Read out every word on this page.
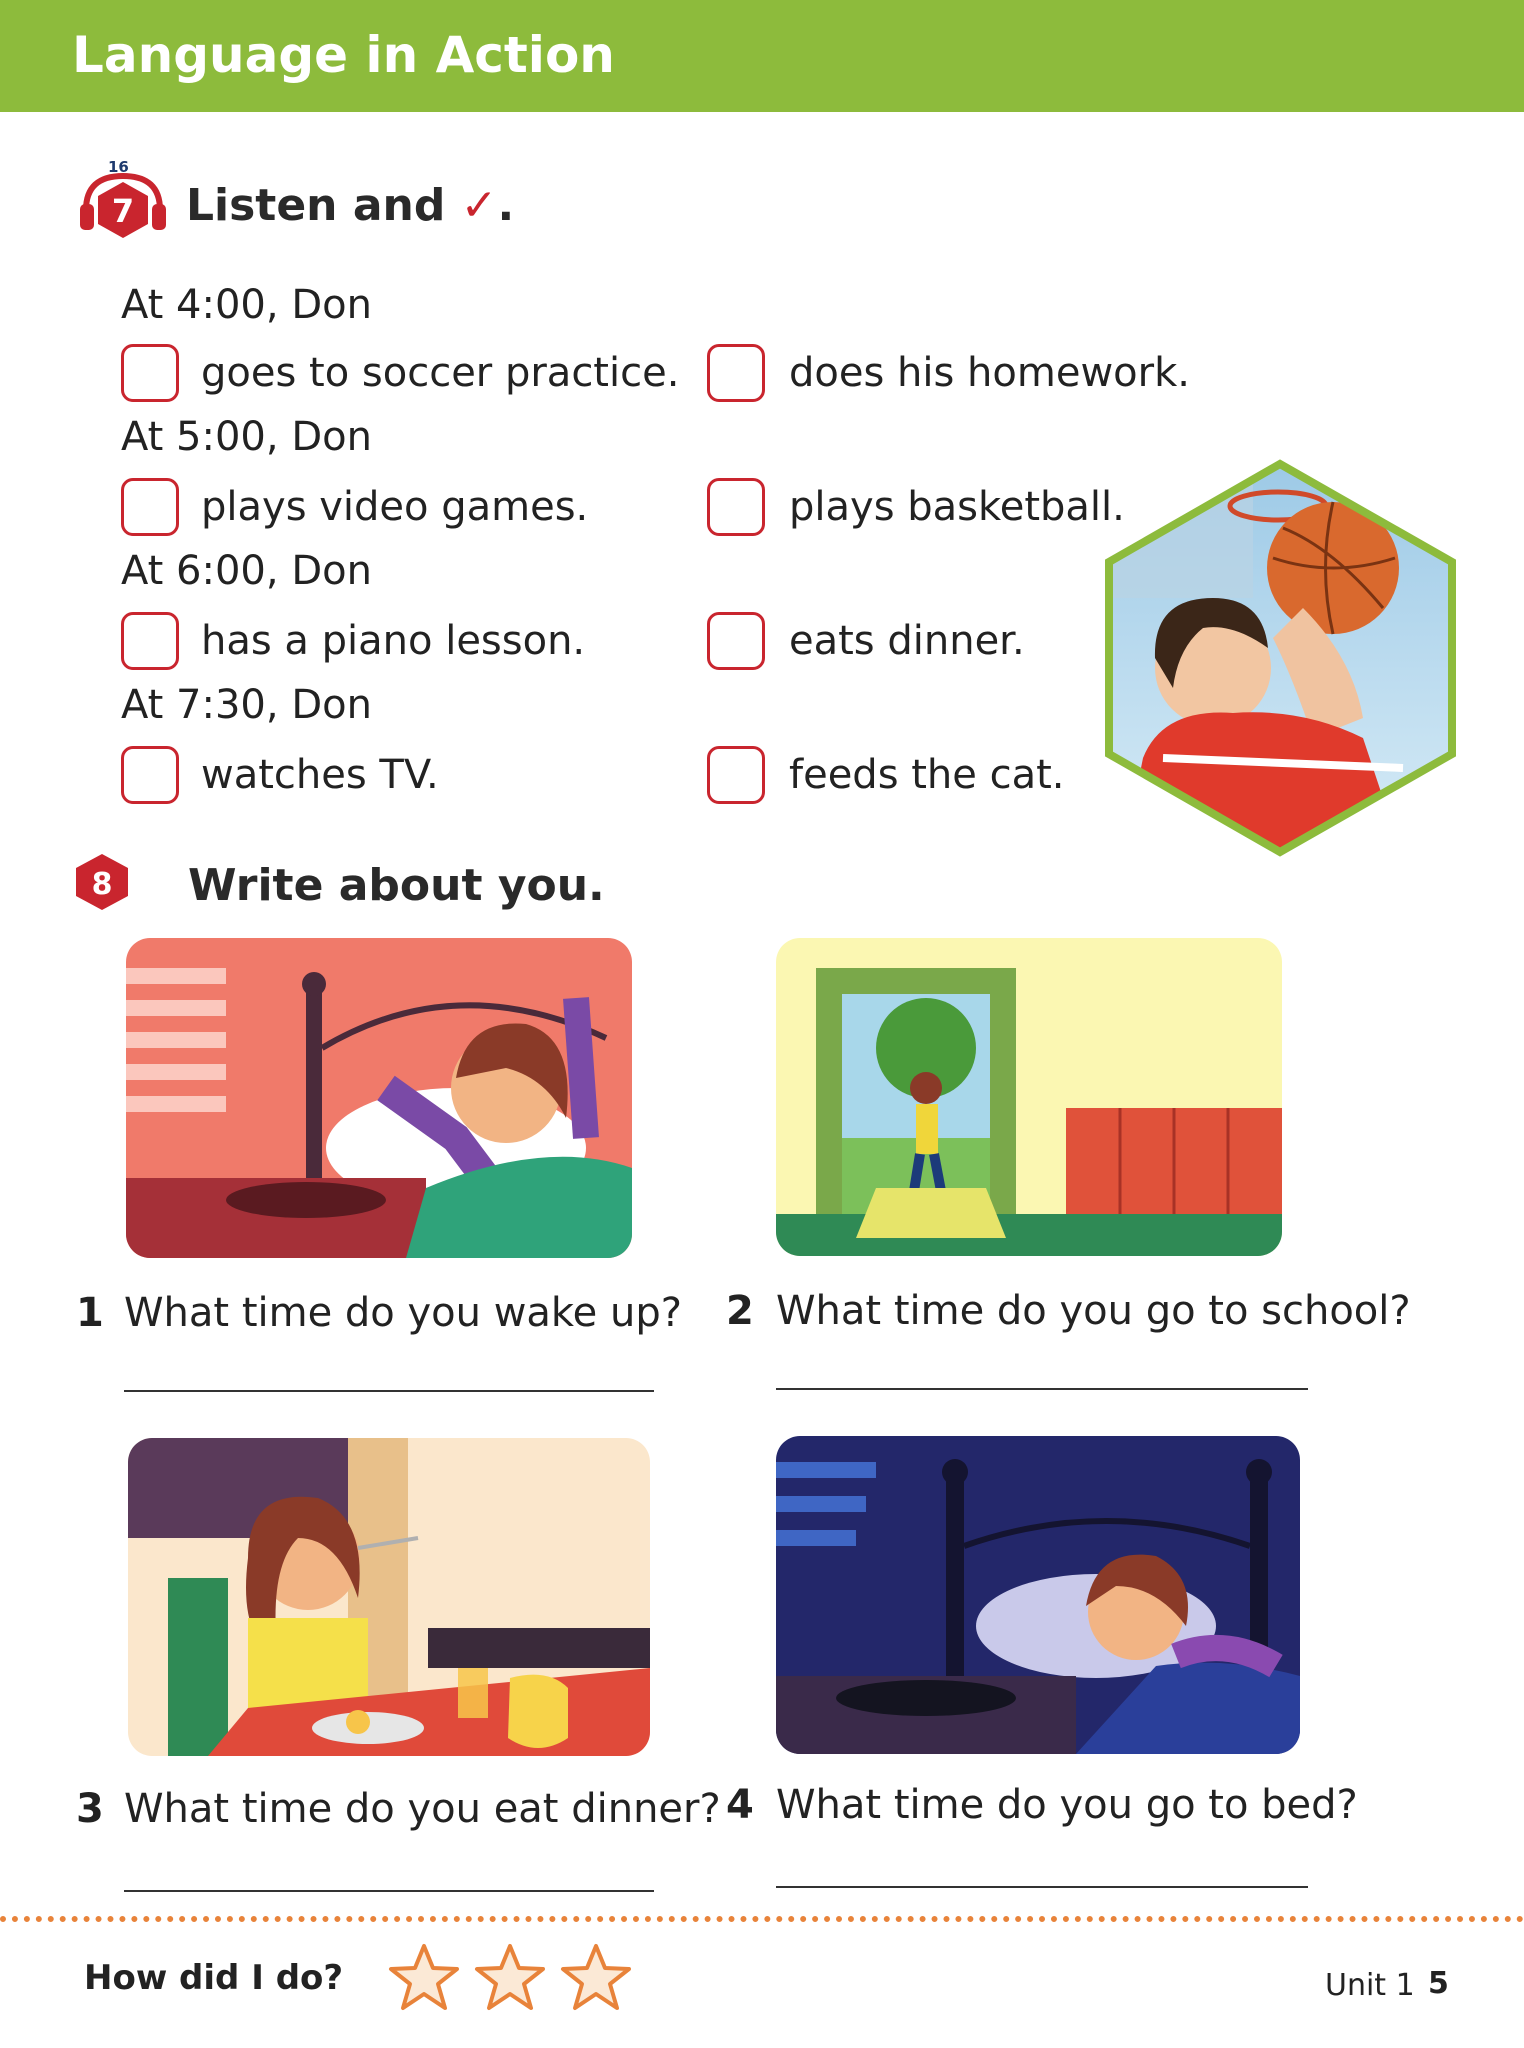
Language in Action
16
7 Listen and ✓.
At 4:00, Don
goes to soccer practice.	does his homework.
At 5:00, Don
plays video games.	plays basketball.
At 6:00, Don
has a piano lesson.	eats dinner.
At 7:30, Don
watches TV.	feeds the cat.
8 Write about you.
1 What time do you wake up? 2 What time do you go to school?
3 What time do you eat dinner? 4 What time do you go to bed?
How did I do?	Unit 1 5
